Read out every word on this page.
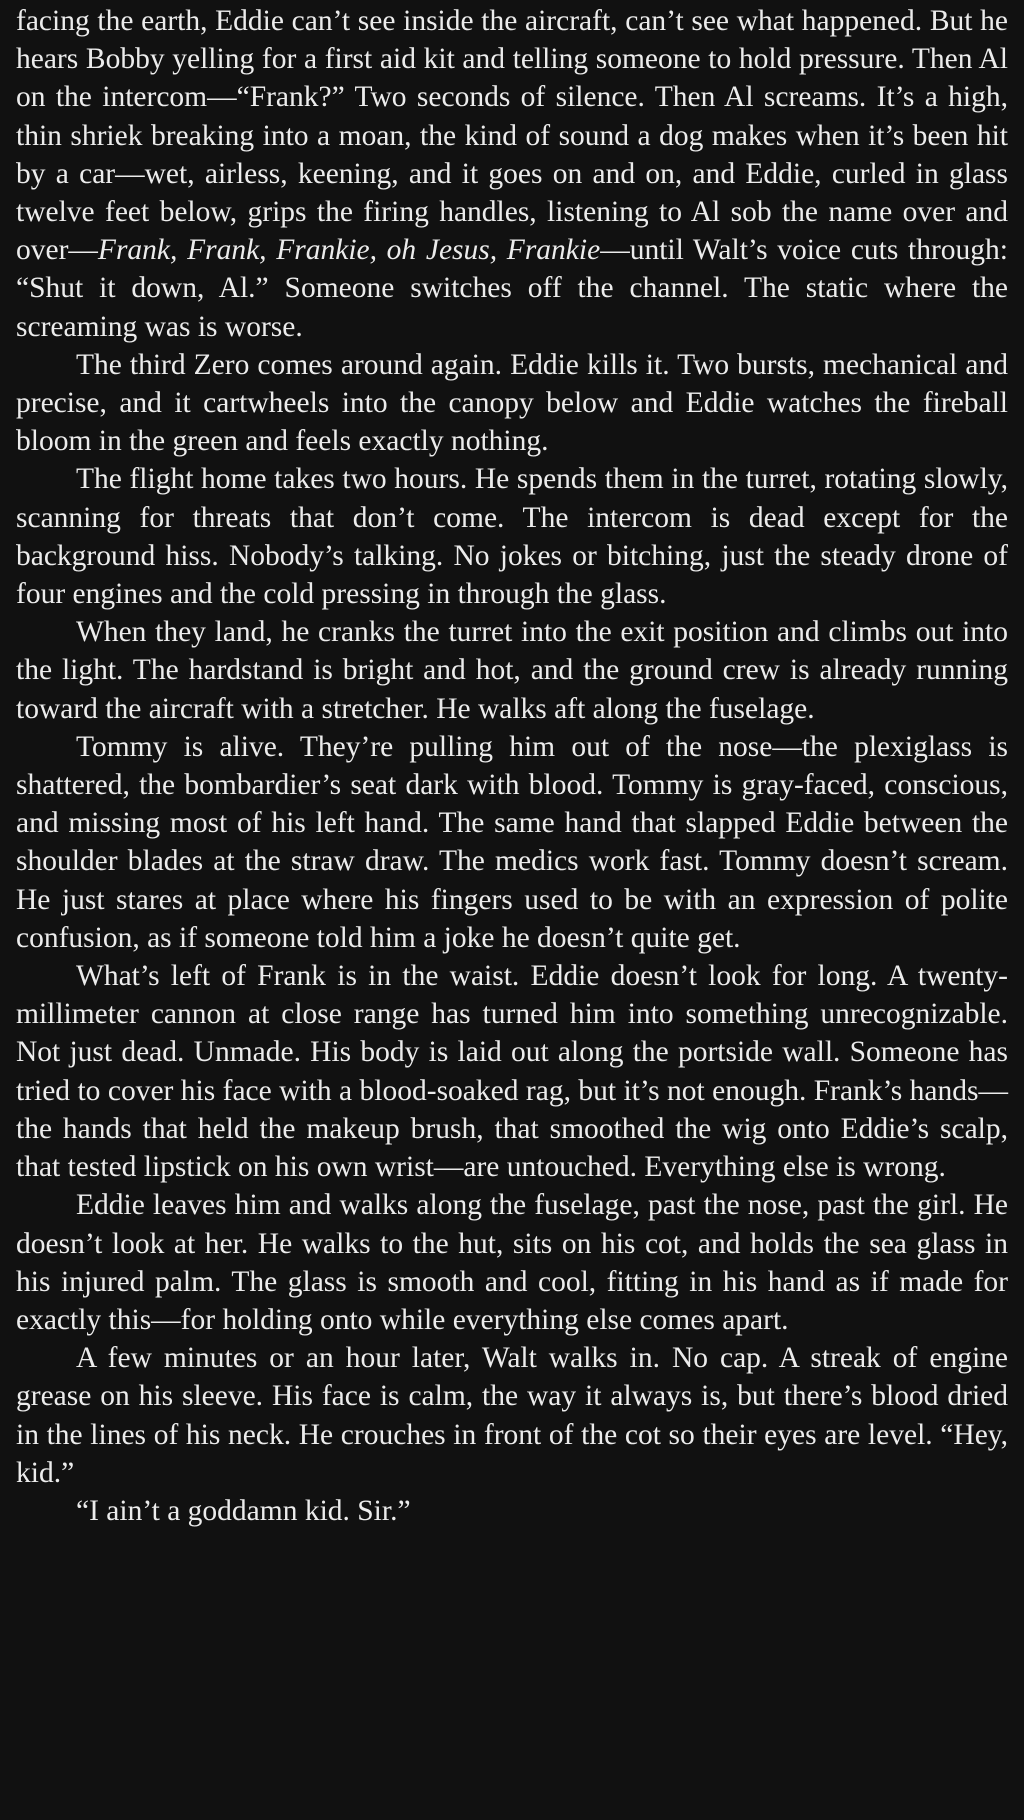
facing the earth, Eddie can’t see inside the aircraft, can’t see what happened. But he hears Bobby yelling for a first aid kit and telling someone to hold pressure. Then Al on the intercom—“Frank?” Two seconds of silence. Then Al screams. It’s a high, thin shriek breaking into a moan, the kind of sound a dog makes when it’s been hit by a car—wet, airless, keening, and it goes on and on, and Eddie, curled in glass twelve feet below, grips the firing handles, listening to Al sob the name over and over—Frank, Frank, Frankie, oh Jesus, Frankie—until Walt’s voice cuts through: “Shut it down, Al.” Someone switches off the channel. The static where the screaming was is worse.

The third Zero comes around again. Eddie kills it. Two bursts, mechanical and precise, and it cartwheels into the canopy below and Eddie watches the fireball bloom in the green and feels exactly nothing.

The flight home takes two hours. He spends them in the turret, rotating slowly, scanning for threats that don’t come. The intercom is dead except for the background hiss. Nobody’s talking. No jokes or bitching, just the steady drone of four engines and the cold pressing in through the glass.

When they land, he cranks the turret into the exit position and climbs out into the light. The hardstand is bright and hot, and the ground crew is already running toward the aircraft with a stretcher. He walks aft along the fuselage.

Tommy is alive. They’re pulling him out of the nose—the plexiglass is shattered, the bombardier’s seat dark with blood. Tommy is gray-faced, conscious, and missing most of his left hand. The same hand that slapped Eddie between the shoulder blades at the straw draw. The medics work fast. Tommy doesn’t scream. He just stares at place where his fingers used to be with an expression of polite confusion, as if someone told him a joke he doesn’t quite get.

What’s left of Frank is in the waist. Eddie doesn’t look for long. A twenty-millimeter cannon at close range has turned him into something unrecognizable. Not just dead. Unmade. His body is laid out along the portside wall. Someone has tried to cover his face with a blood-soaked rag, but it’s not enough. Frank’s hands—the hands that held the makeup brush, that smoothed the wig onto Eddie’s scalp, that tested lipstick on his own wrist—are untouched. Everything else is wrong.

Eddie leaves him and walks along the fuselage, past the nose, past the girl. He doesn’t look at her. He walks to the hut, sits on his cot, and holds the sea glass in his injured palm. The glass is smooth and cool, fitting in his hand as if made for exactly this—for holding onto while everything else comes apart.

A few minutes or an hour later, Walt walks in. No cap. A streak of engine grease on his sleeve. His face is calm, the way it always is, but there’s blood dried in the lines of his neck. He crouches in front of the cot so their eyes are level. “Hey, kid.”

“I ain’t a goddamn kid. Sir.”
